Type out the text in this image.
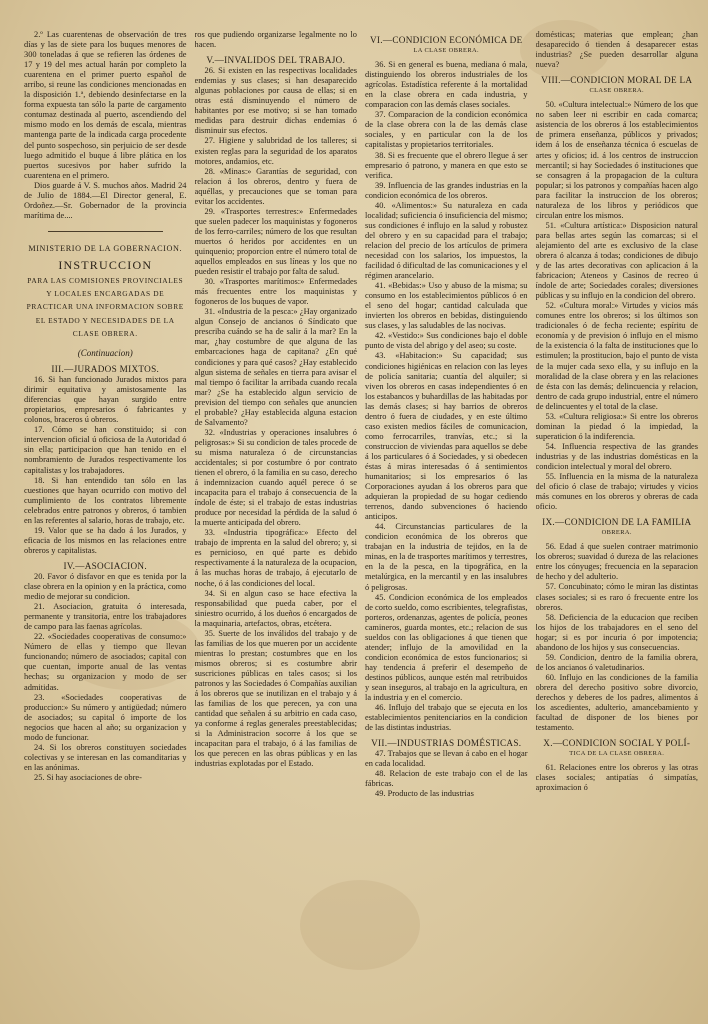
2.º Las cuarentenas de observación de tres días y las de siete para los buques menores de 300 toneladas á que se refieren las órdenes de 17 y 19 del mes actual harán por completo la cuarentena en el primer puerto español de arribo, si reune las condiciones mencionadas en la disposición 1.ª, debiendo desinfectarse en la forma expuesta tan sólo la parte de cargamento contumaz destinada al puerto, ascendiendo del mismo modo en los demás de escala, mientras mantenga parte de la indicada carga procedente del punto sospechoso, sin perjuicio de ser desde luego admitido el buque á libre plática en los puertos sucesivos por haber sufrido la cuarentena en el primero.

Dios guarde á V. S. muchos años. Madrid 24 de Julio de 1884.—El Director general, E. Ordoñez.—Sr. Gobernador de la provincia marítima de....

MINISTERIO DE LA GOBERNACION.

INSTRUCCION

PARA LAS COMISIONES PROVINCIALES Y LOCALES ENCARGADAS DE PRACTICAR UNA INFORMACION SOBRE EL ESTADO Y NECESIDADES DE LA CLASE OBRERA.

(Continuacion)

III.—JURADOS MIXTOS.

16. Si han funcionado Jurados mixtos para dirimir equitativa y amistosamente las diferencias que hayan surgido entre propietarios, empresarios ó fabricantes y colonos, braceros ú obreros.

17. Cómo se han constituido; si con intervencion oficial ú oficiosa de la Autoridad ó sin ella; participacion que han tenido en el nombramiento de Jurados respectivamente los capitalistas y los trabajadores.

18. Si han entendido tan sólo en las cuestiones que hayan ocurrido con motivo del cumplimiento de los contratos libremente celebrados entre patronos y obreros, ó tambien en las referentes al salario, horas de trabajo, etc.

19. Valor que se ha dado á los Jurados, y eficacia de los mismos en las relaciones entre obreros y capitalistas.

IV.—ASOCIACION.

20. Favor ó disfavor en que es tenida por la clase obrera en la opinion y en la práctica, como medio de mejorar su condicion.

21. Asociacion, gratuita ó interesada, permanente y transitoria, entre los trabajadores de campo para las faenas agrícolas.

22. «Sociedades cooperativas de consumo:» Número de ellas y tiempo que llevan funcionando; número de asociados; capital con que cuentan, importe anual de las ventas hechas; su organizacion y modo de ser admitidas.

23. «Sociedades cooperativas de produccion:» Su número y antigüedad; número de asociados; su capital ó importe de los negocios que hacen al año; su organizacion y modo de funcionar.

24. Si los obreros constituyen sociedades colectivas y se interesan en las comanditarias y en las anónimas.

25. Si hay asociaciones de obre-

ros que pudiendo organizarse legalmente no lo hacen.

V.—INVALIDOS DEL TRABAJO.

26. Si existen en las respectivas localidades endemias y sus clases; si han desaparecido algunas poblaciones por causa de ellas; si en otras está disminuyendo el número de habitantes por ese motivo; si se han tomado medidas para destruir dichas endemias ó disminuir sus efectos.

27. Higiene y salubridad de los talleres; si existen reglas para la seguridad de los aparatos motores, andamios, etc.

28. «Minas:» Garantías de seguridad, con relacion á los obreros, dentro y fuera de aquéllas, y precauciones que se toman para evitar los accidentes.

29. «Trasportes terrestres:» Enfermedades que suelen padecer los maquinistas y fogoneros de los ferro-carriles; número de los que resultan muertos ó heridos por accidentes en un quinquenio; proporcion entre el número total de aquellos empleados en sus líneas y los que no pueden resistir el trabajo por falta de salud.

30. «Trasportes marítimos:» Enfermedades más frecuentes entre los maquinistas y fogoneros de los buques de vapor.

31. «Industria de la pesca:» ¿Hay organizado algun Consejo de ancianos ó Síndicato que prescriba cuándo se ha de salir á la mar? En la mar, ¿hay costumbre de que alguna de las embarcaciones haga de capitana? ¿En qué condiciones y para qué casos? ¿Hay establecido algun sistema de señales en tierra para avisar el mal tiempo ó facilitar la arribada cuando recala mar? ¿Se ha establecido algun servicio de prevision del tiempo con señales que anuncien el probable? ¿Hay establecida alguna estacion de Salvamento?

32. «Industrias y operaciones insalubres ó peligrosas:» Si su condicion de tales procede de su misma naturaleza ó de circunstancias accidentales; si por costumbre ó por contrato tienen el obrero, ó la familia en su caso, derecho á indemnizacion cuando aquél perece ó se incapacita para el trabajo á consecuencia de la índole de éste; si el trabajo de estas industrias produce por necesidad la pérdida de la salud ó la muerte anticipada del obrero.

33. «Industria tipográfica:» Efecto del trabajo de imprenta en la salud del obrero; y, si es pernicioso, en qué parte es debido respectivamente á la naturaleza de la ocupacion, á las muchas horas de trabajo, á ejecutarlo de noche, ó á las condiciones del local.

34. Si en algun caso se hace efectiva la responsabilidad que pueda caber, por el siniestro ocurrido, á los dueños ó encargados de la maquinaria, artefactos, obras, etcétera.

35. Suerte de los inválidos del trabajo y de las familias de los que mueren por un accidente mientras lo prestan; costumbres que en los mismos obreros; si es costumbre abrir suscriciones públicas en tales casos; si los patronos y las Sociedades ó Compañías auxilian á los obreros que se inutilizan en el trabajo y á las familias de los que perecen, ya con una cantidad que señalen á su arbitrio en cada caso, ya conforme á reglas generales preestablecidas; si la Administracion socorre á los que se incapacitan para el trabajo, ó á las familias de los que perecen en las obras públicas y en las industrias explotadas por el Estado.

VI.—CONDICION ECONÓMICA DE

LA CLASE OBRERA.

36. Si en general es buena, mediana ó mala, distinguiendo los obreros industriales de los agrícolas. Estadística referente á la mortalidad en la clase obrera en cada industria, y comparacion con las demás clases sociales.

37. Comparacion de la condicion económica de la clase obrera con la de las demás clase sociales, y en particular con la de los capitalistas y propietarios territoriales.

38. Si es frecuente que el obrero llegue á ser empresario ó patrono, y manera en que esto se verifica.

39. Influencia de las grandes industrias en la condicion económica de los obreros.

40. «Alimentos:» Su naturaleza en cada localidad; suficiencia ó insuficiencia del mismo; sus condiciones é influjo en la salud y robustez del obrero y en su capacidad para el trabajo; relacion del precio de los artículos de primera necesidad con los salarios, los impuestos, la facilidad ó dificultad de las comunicaciones y el régimen arancelario.

41. «Bebidas:» Uso y abuso de la misma; su consumo en los establecimientos públicos ó en el seno del hogar; cantidad calculada que invierten los obreros en bebidas, distinguiendo sus clases, y las saludables de las nocivas.

42. «Vestido:» Sus condiciones bajo el doble punto de vista del abrigo y del aseo; su coste.

43. «Habitacion:» Su capacidad; sus condiciones higiénicas en relacion con las leyes de policía sanitaria; cuantía del alquiler; si viven los obreros en casas independientes ó en los estabancos y buhardillas de las habitadas por las demás clases; si hay barrios de obreros dentro ó fuera de ciudades, y en este último caso existen medios fáciles de comunicacion, como ferrocarriles, tranvías, etc.; si la construccion de viviendas para aquellos se debe á los particulares ó á Sociedades, y si obedecen éstas á miras interesadas ó á sentimientos humanitarios; si los empresarios ó las Corporaciones ayudan á los obreros para que adquieran la propiedad de su hogar cediendo terrenos, dando subvenciones ó haciendo anticipos.

44. Circunstancias particulares de la condicion económica de los obreros que trabajan en la industria de tejidos, en la de minas, en la de trasportes marítimos y terrestres, en la de la pesca, en la tipográfica, en la metalúrgica, en la mercantil y en las insalubres ó peligrosas.

45. Condicion económica de los empleados de corto sueldo, como escribientes, telegrafistas, porteros, ordenanzas, agentes de policía, peones camineros, guarda montes, etc.; relacion de sus sueldos con las obligaciones á que tienen que atender; influjo de la amovilidad en la condicion económica de estos funcionarios; si hay tendencia á preferir el desempeño de destinos públicos, aunque estén mal retribuidos y sean inseguros, al trabajo en la agricultura, en la industria y en el comercio.

46. Influjo del trabajo que se ejecuta en los establecimientos penitenciarios en la condicion de las distintas industrias.

VII.—INDUSTRIAS DOMÉSTICAS.

47. Trabajos que se llevan á cabo en el hogar en cada localidad.

48. Relacion de este trabajo con el de las fábricas.

49. Producto de las industrias

domésticas; materias que emplean; ¿han desaparecido ó tienden á desaparecer estas industrias? ¿Se pueden desarrollar alguna nueva?

VIII.—CONDICION MORAL DE LA

CLASE OBRERA.

50. «Cultura intelectual:» Número de los que no saben leer ni escribir en cada comarca; asistencia de los obreros á los establecimientos de primera enseñanza, públicos y privados; idem á los de enseñanza técnica ó escuelas de artes y oficios; id. á los centros de instruccion mercantil; si hay Sociedades ó instituciones que se consagren á la propagacion de la cultura popular; si los patronos y compañías hacen algo para facilitar la instruccion de los obreros; naturaleza de los libros y periódicos que circulan entre los mismos.

51. «Cultura artística:» Disposicion natural para bellas artes según las comarcas; si el alejamiento del arte es exclusivo de la clase obrera ó alcanza á todas; condiciones de dibujo y de las artes decorativas con aplicacion á la fabricacion; Ateneos y Casinos de recreo ú índole de arte; Sociedades corales; diversiones públicas y su influjo en la condicion del obrero.

52. «Cultura moral:» Virtudes y vicios más comunes entre los obreros; si los últimos son tradicionales ó de fecha reciente; espíritu de economía y de prevision ó influjo en el mismo de la existencia ó la falta de instituciones que lo estimulen; la prostitucion, bajo el punto de vista de la mujer cada sexo ella, y su influjo en la moralidad de la clase obrera y en las relaciones de ésta con las demás; delincuencia y relacion, dentro de cada grupo industrial, entre el número de delincuentes y el total de la clase.

53. «Cultura religiosa:» Si entre los obreros dominan la piedad ó la impiedad, la superaticion ó la indiferencia.

54. Influencia respectiva de las grandes industrias y de las industrias domésticas en la condicion intelectual y moral del obrero.

55. Influencia en la misma de la naturaleza del oficio ó clase de trabajo; virtudes y vicios más comunes en los obreros y obreras de cada oficio.

IX.—CONDICION DE LA FAMILIA

OBRERA.

56. Edad á que suelen contraer matrimonio los obreros; suavidad ó dureza de las relaciones entre los cónyuges; frecuencia en la separacion de hecho y del adulterio.

57. Concubinato; cómo le miran las distintas clases sociales; si es raro ó frecuente entre los obreros.

58. Deficiencia de la educacion que reciben los hijos de los trabajadores en el seno del hogar; si es por incuria ó por impotencia; abandono de los hijos y sus consecuencias.

59. Condicion, dentro de la familia obrera, de los ancianos ó valetudinarios.

60. Influjo en las condiciones de la familia obrera del derecho positivo sobre divorcio, derechos y deberes de los padres, alimentos á los ascedientes, adulterio, amancebamiento y facultad de disponer de los bienes por testamento.

X.—CONDICION SOCIAL Y POLÍ-

TICA DE LA CLASE OBRERA.

61. Relaciones entre los obreros y las otras clases sociales; antipatías ó simpatías, aproximacion ó
